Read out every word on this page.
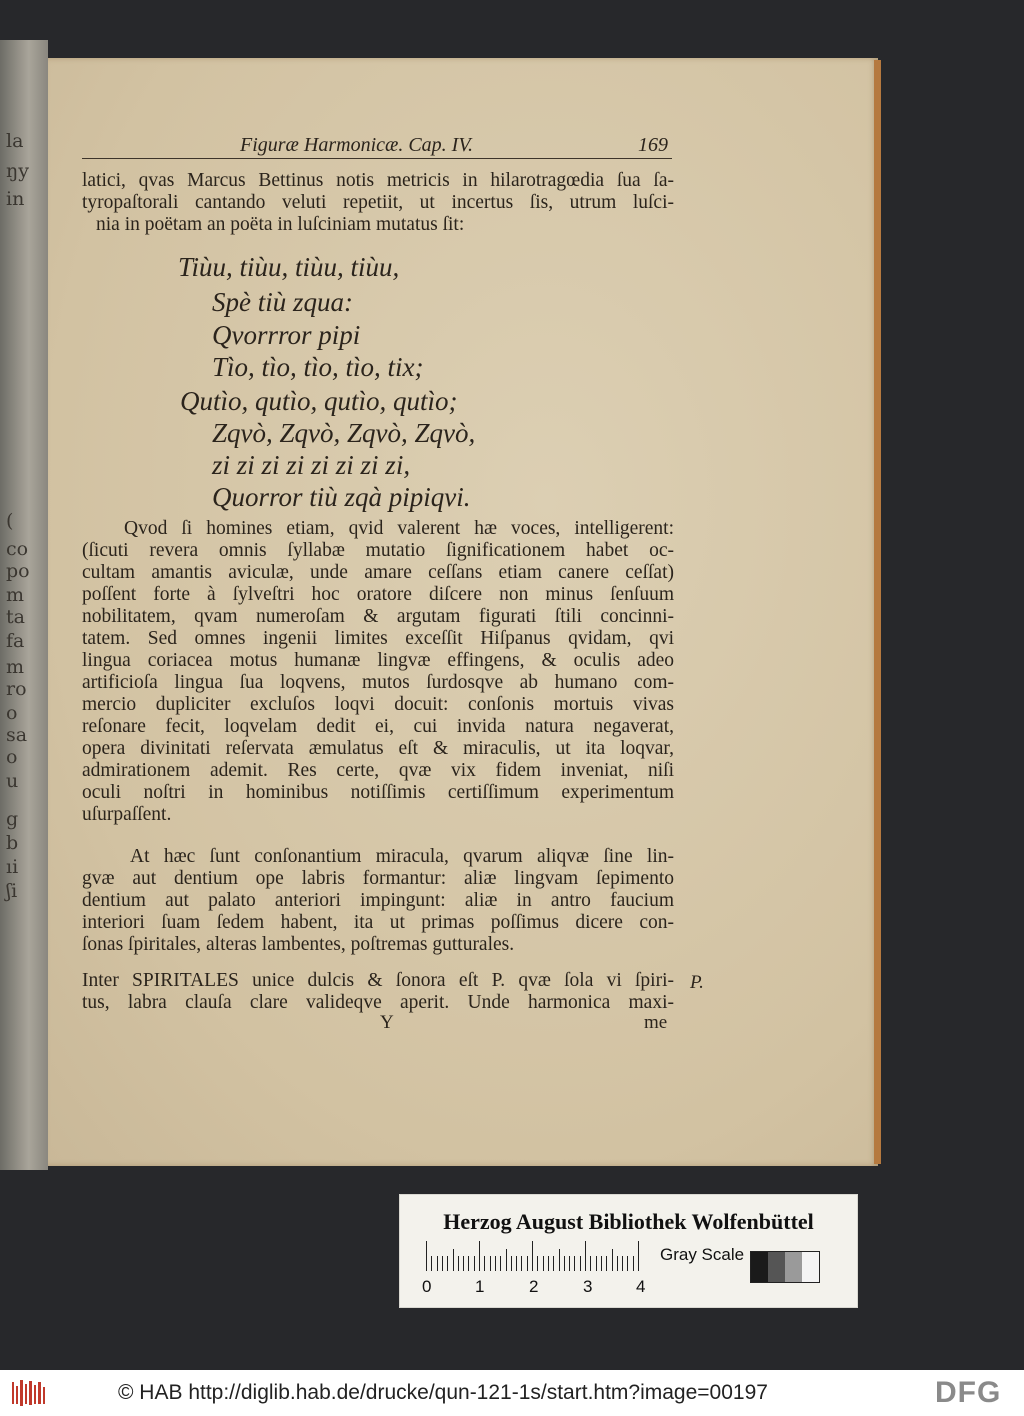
la
ŋy
in
(
co
po
m
ta
fa
m
ro
o
sa
o
u
g
b
ıi
ʃi
Figuræ Harmonicæ. Cap. IV.	169
latici, qvas Marcus Bettinus notis metricis in hilarotragœdia ſua ſa-
tyropaſtorali cantando veluti repetiit, ut incertus ſis, utrum luſci-
nia in poëtam an poëta in luſciniam mutatus ſit:
Tiùu, tiùu, tiùu, tiùu,
Spè tiù zqua:
Qvorrror pipi
Tìo, tìo, tìo, tìo, tix;
Qutìo, qutìo, qutìo, qutìo;
Zqvò, Zqvò, Zqvò, Zqvò,
zi zi zi zi zi zi zi zi,
Quorror tiù zqà pipiqvi.
Qvod ſi homines etiam, qvid valerent hæ voces, intelligerent:
(ſicuti revera omnis ſyllabæ mutatio ſignificationem habet oc-
cultam amantis aviculæ, unde amare ceſſans etiam canere ceſſat)
poſſent forte à ſylveſtri hoc oratore diſcere non minus ſenſuum
nobilitatem, qvam numeroſam & argutam figurati ſtili concinni-
tatem. Sed omnes ingenii limites exceſſit Hiſpanus qvidam, qvi
lingua coriacea motus humanæ lingvæ effingens, & oculis adeo
artificioſa lingua ſua loqvens, mutos ſurdosqve ab humano com-
mercio dupliciter excluſos loqvi docuit: conſonis mortuis vivas
reſonare fecit, loqvelam dedit ei, cui invida natura negaverat,
opera divinitati reſervata æmulatus eſt & miraculis, ut ita loqvar,
admirationem ademit. Res certe, qvæ vix fidem inveniat, niſi
oculi noſtri in hominibus notiſſimis certiſſimum experimentum
uſurpaſſent.
At hæc ſunt conſonantium miracula, qvarum aliqvæ ſine lin-
gvæ aut dentium ope labris formantur: aliæ lingvam ſepimento
dentium aut palato anteriori impingunt: aliæ in antro faucium
interiori ſuam ſedem habent, ita ut primas poſſimus dicere con-
ſonas ſpiritales, alteras lambentes, poſtremas gutturales.
Inter SPIRITALES unice dulcis & ſonora eſt P. qvæ ſola vi ſpiri-
tus, labra clauſa clare valideqve aperit. Unde harmonica maxi-
P.
Y	me
Herzog August Bibliothek Wolfenbüttel
0	1	2	3	4
Gray Scale
© HAB http://diglib.hab.de/drucke/qun-121-1s/start.htm?image=00197	DFG
